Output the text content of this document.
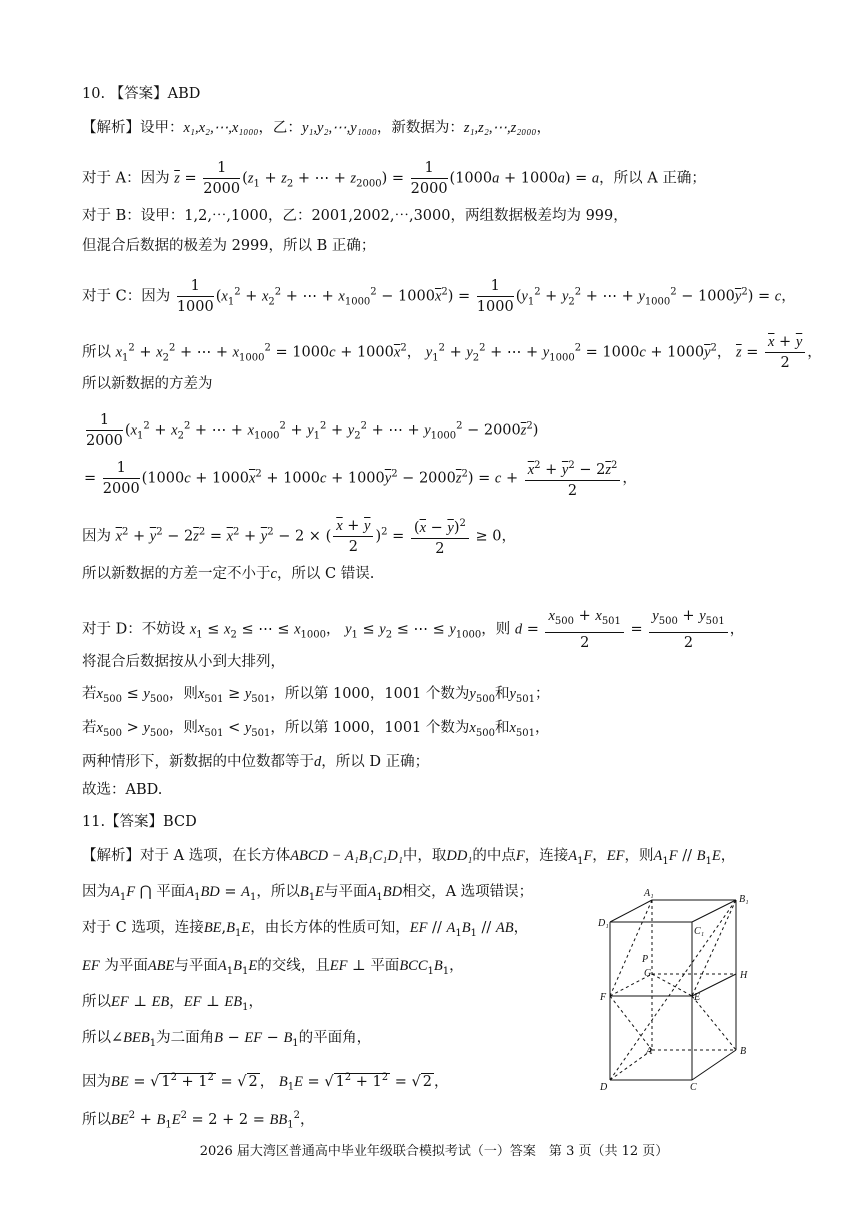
10. 【答案】ABD
【解析】设甲：x₁,x₂,⋯,x₁₀₀₀，乙：y₁,y₂,⋯,y₁₀₀₀，新数据为：z₁,z₂,⋯,z₂₀₀₀，
对于 A：因为 $\overline{z} = \frac{1}{2000} (z_1 + z_2$ + ⋯ + $z_{2000}) = \frac{1}{2000} (1000a + 1000a) = a$，所以 A 正确；
对于 B：设甲：1,2,⋯,1000，乙：2001,2002,⋯,3000，两组数据极差均为 999，
但混合后数据的极差为 2999，所以 B 正确；
对于 C：因为 $\frac{1}{1000} (x_1^2 + x_2^2$ + ⋯ + $x_{1000}^2 - 1000\overline{x}^2) = \frac{1}{1000} (y_1^2 + y_2^2$ + ⋯ + $y_{1000}^2 - 1000\overline{y}^2) = c$，
所以 $x_1^2 + x_2^2$ + ⋯ + $x_{1000}^2 = 1000c + 1000\overline{x}^2$， $y_1^2 + y_2^2$ + ⋯ + $y_{1000}^2 = 1000c + 1000\overline{y}^2$， $\overline{z} = \frac{\overline{x} + \overline{y}}{2}$ ，
所以新数据的方差为
$\frac{1}{2000} (x_1^2 + x_2^2$ + ⋯ + $x_{1000}^2 + y_1^2 + y_2^2$ + ⋯ + $y_{1000}^2 - 2000\overline{z}^2$)
= $\frac{1}{2000} (1000c + 1000\overline{x}^2 + 1000c + 1000\overline{y}^2 - 2000\overline{z}^2) = c + \frac{\overline{x}^2 + \overline{y}^2 - 2\overline{z}^2}{2}$ ，
因为 $\overline{x}^2 + \overline{y}^2 - 2\overline{z}^2 = \overline{x}^2 + \overline{y}^2 - 2$ × ( $\frac{\overline{x} + \overline{y}}{2} )^2 = \frac{(\overline{x} - \overline{y})^2}{2} \ge 0$，
所以新数据的方差一定不小于c，所以 C 错误.
对于 D：不妨设 $x_1 \le x_2$ ≤ ⋯ ≤ $x_{1000}$， $y_1 \le y_2$ ≤ ⋯ ≤ $y_{1000}$，则 $d = \frac{x_{500} + x_{501}}{2} = \frac{y_{500} + y_{501}}{2}$ ，
将混合后数据按从小到大排列，
若$x_{500} \le y_{500}$，则$x_{501} \ge y_{501}$，所以第 1000，1001 个数为$y_{500}$和$y_{501}$；
若$x_{500} > y_{500}$，则$x_{501} < y_{501}$，所以第 1000，1001 个数为$x_{500}$和$x_{501}$，
两种情形下，新数据的中位数都等于d，所以 D 正确；
故选：ABD.
11.【答案】BCD
【解析】对于 A 选项，在长方体ABCD − A₁B₁C₁D₁中，取DD₁的中点F，连接$A_1F$，EF，则$A_1F // B_1E$，
因为$A_1F$ ⋂ 平面$A_1BD = A_1$，所以$B_1E$与平面$A_1BD$相交，A 选项错误；
对于 C 选项，连接$BE,B_1E$，由长方体的性质可知，EF // $A_1B_1$ // AB，
EF 为平面ABE与平面$A_1B_1E$的交线，且EF ⊥ 平面$BCC_1B_1$，
所以EF ⊥ EB，EF ⊥ $EB_1$，
所以$\angle BEB_1$为二面角B − EF − $B_1$的平面角，
因为BE = √ $1^2 + 1^2$ = √ 2 ， $B_1E$ = √ $1^2 + 1^2$ = √ 2 ，
所以$BE^2 + B_1E^2 = 2 + 2 = BB_1^2$，
A₁
B₁
C₁
D₁
P
G	H
F	E
A	B
C
D
2026 届大湾区普通高中毕业年级联合模拟考试（一）答案　第 3 页（共 12 页）
